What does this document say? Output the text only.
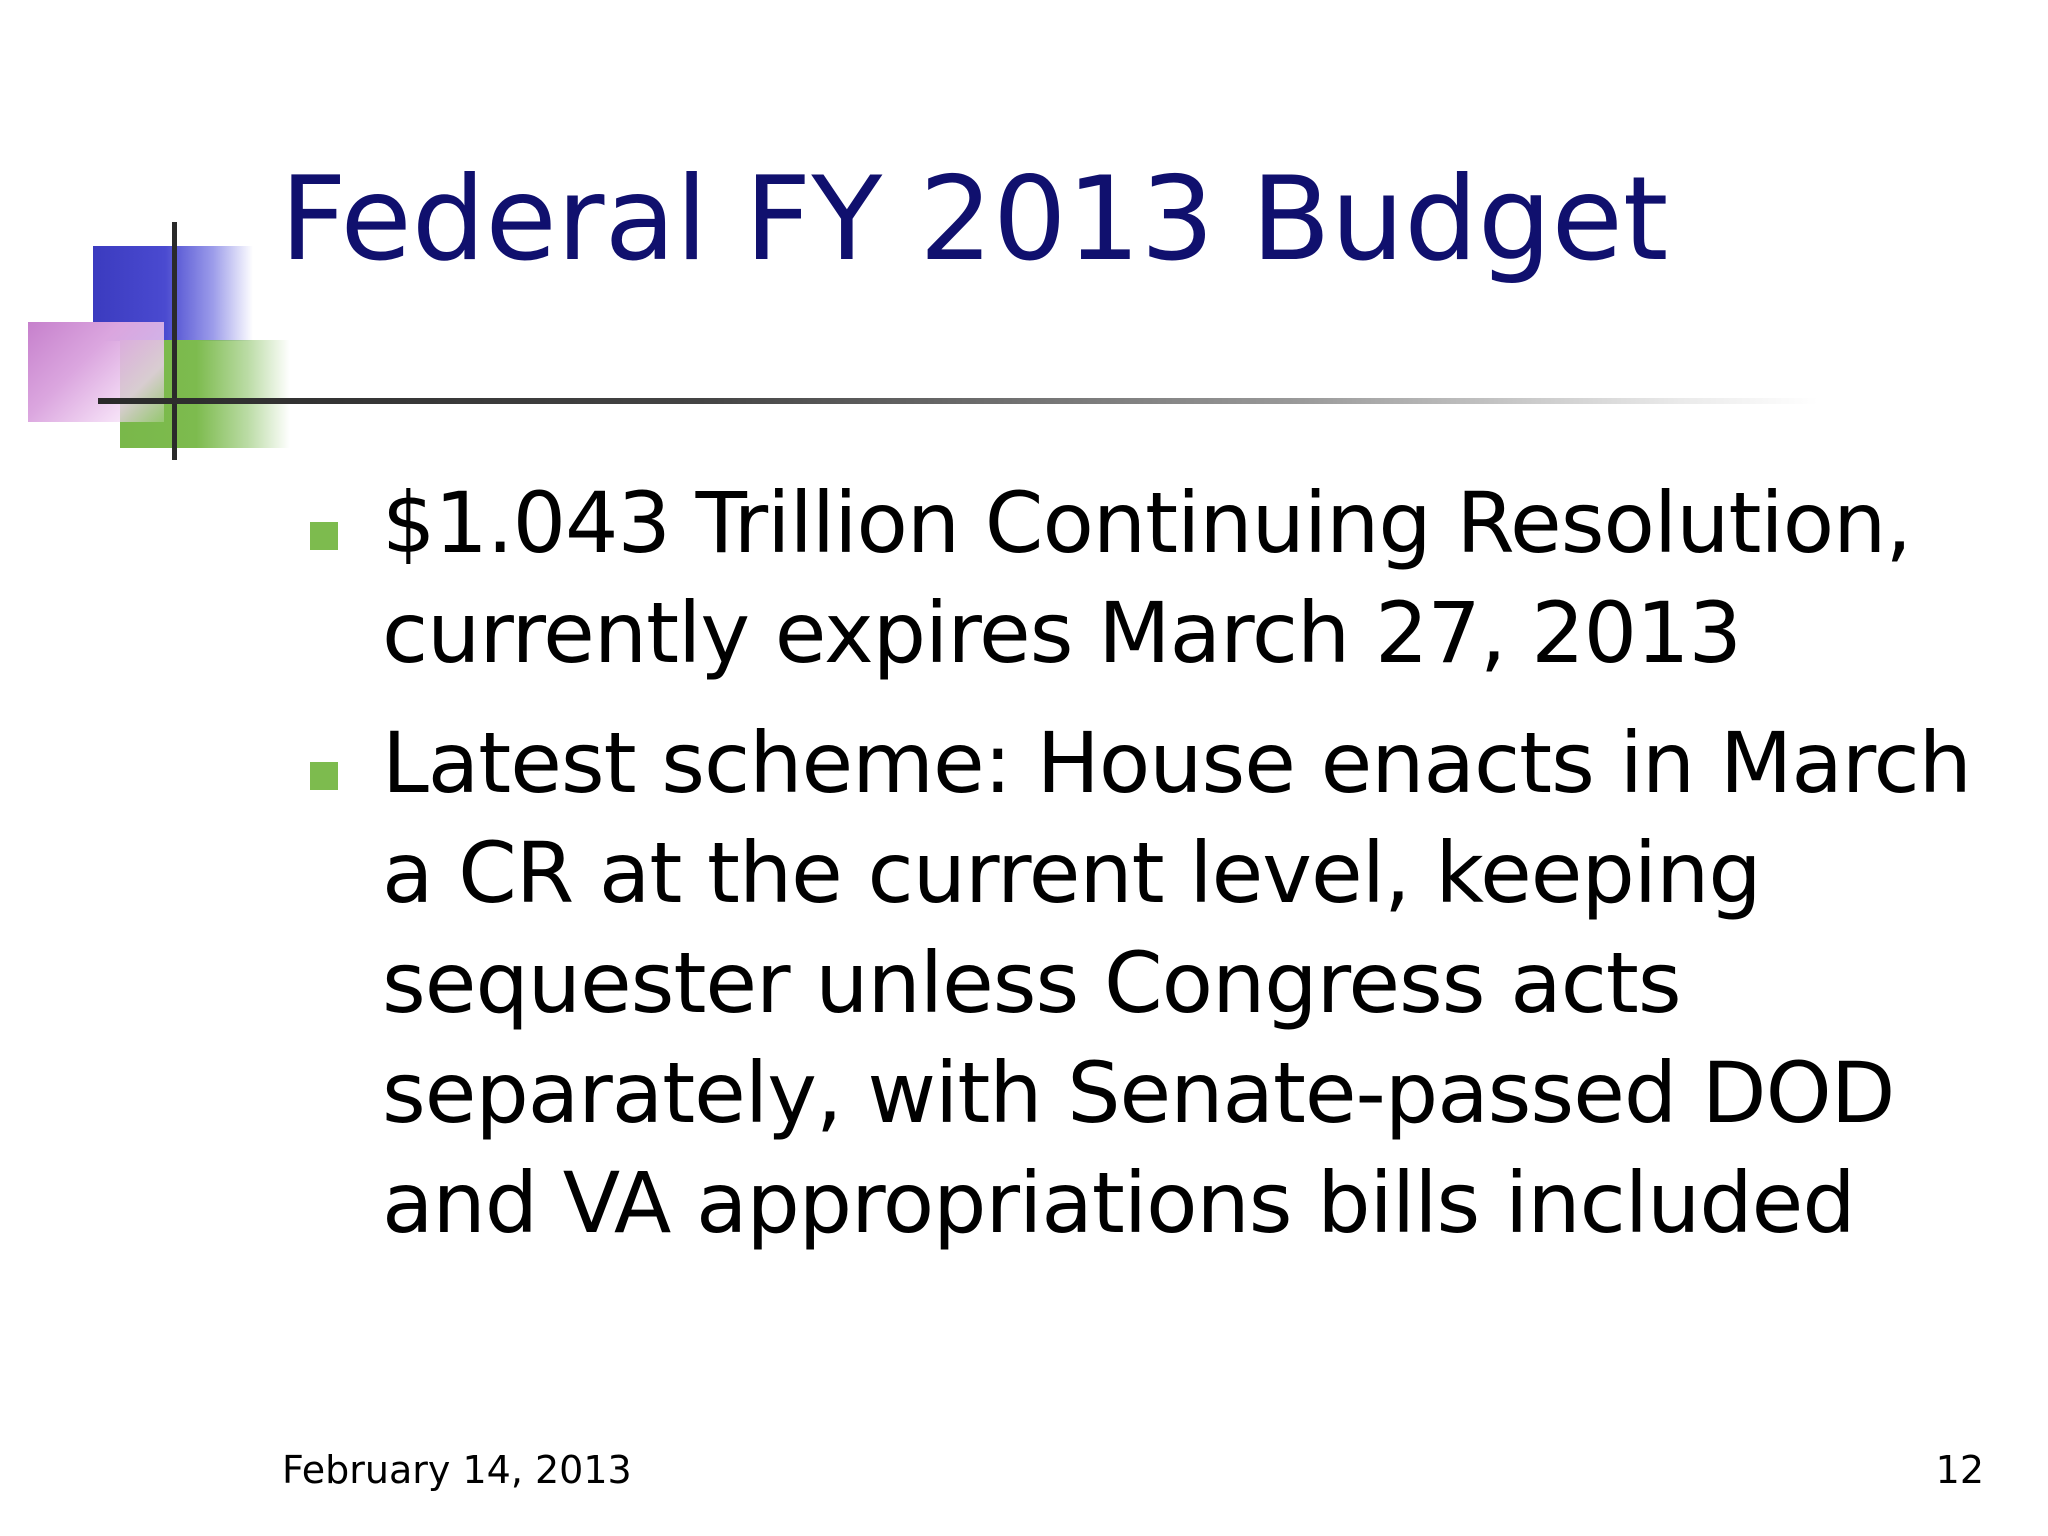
Federal FY 2013 Budget

$1.043 Trillion Continuing Resolution,
currently expires March 27, 2013

Latest scheme: House enacts in March
a CR at the current level, keeping
sequester unless Congress acts
separately, with Senate-passed DOD
and VA appropriations bills included

February 14, 2013	12
